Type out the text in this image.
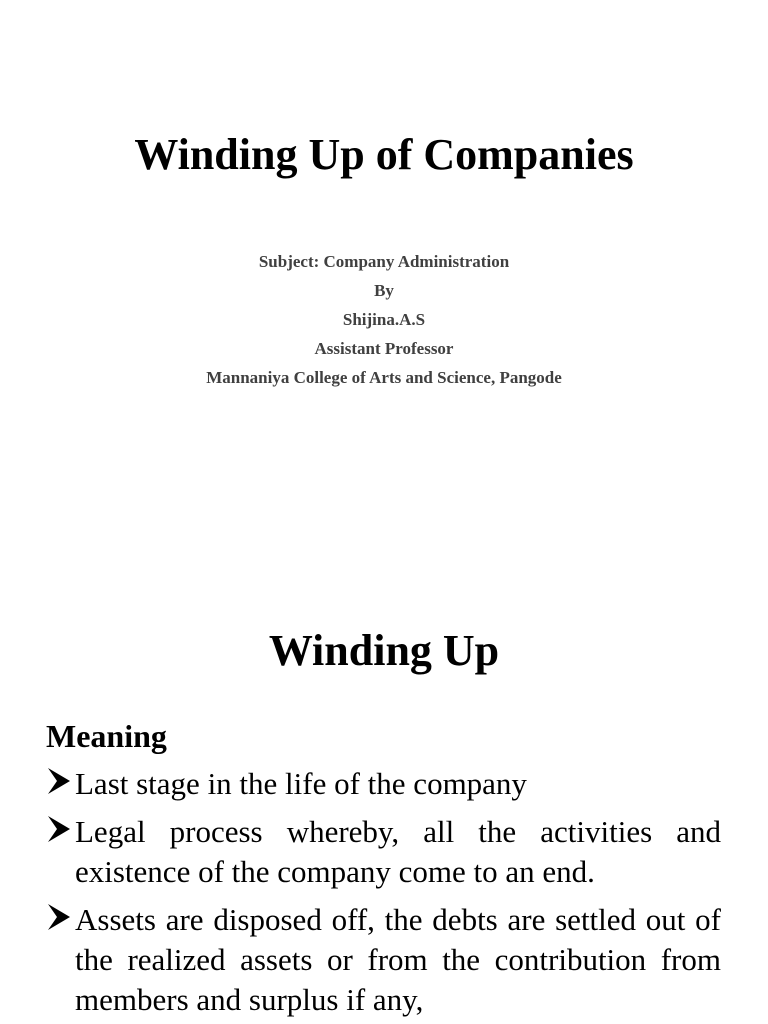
Winding Up of Companies
Subject: Company Administration
By
Shijina.A.S
Assistant Professor
Mannaniya College of Arts and Science, Pangode
Winding Up
Meaning
Last stage in the life of the company
Legal process whereby, all the activities and existence of the company come to an end.
Assets are disposed off, the debts are settled out of the realized assets or from the contribution from members and surplus if any,
